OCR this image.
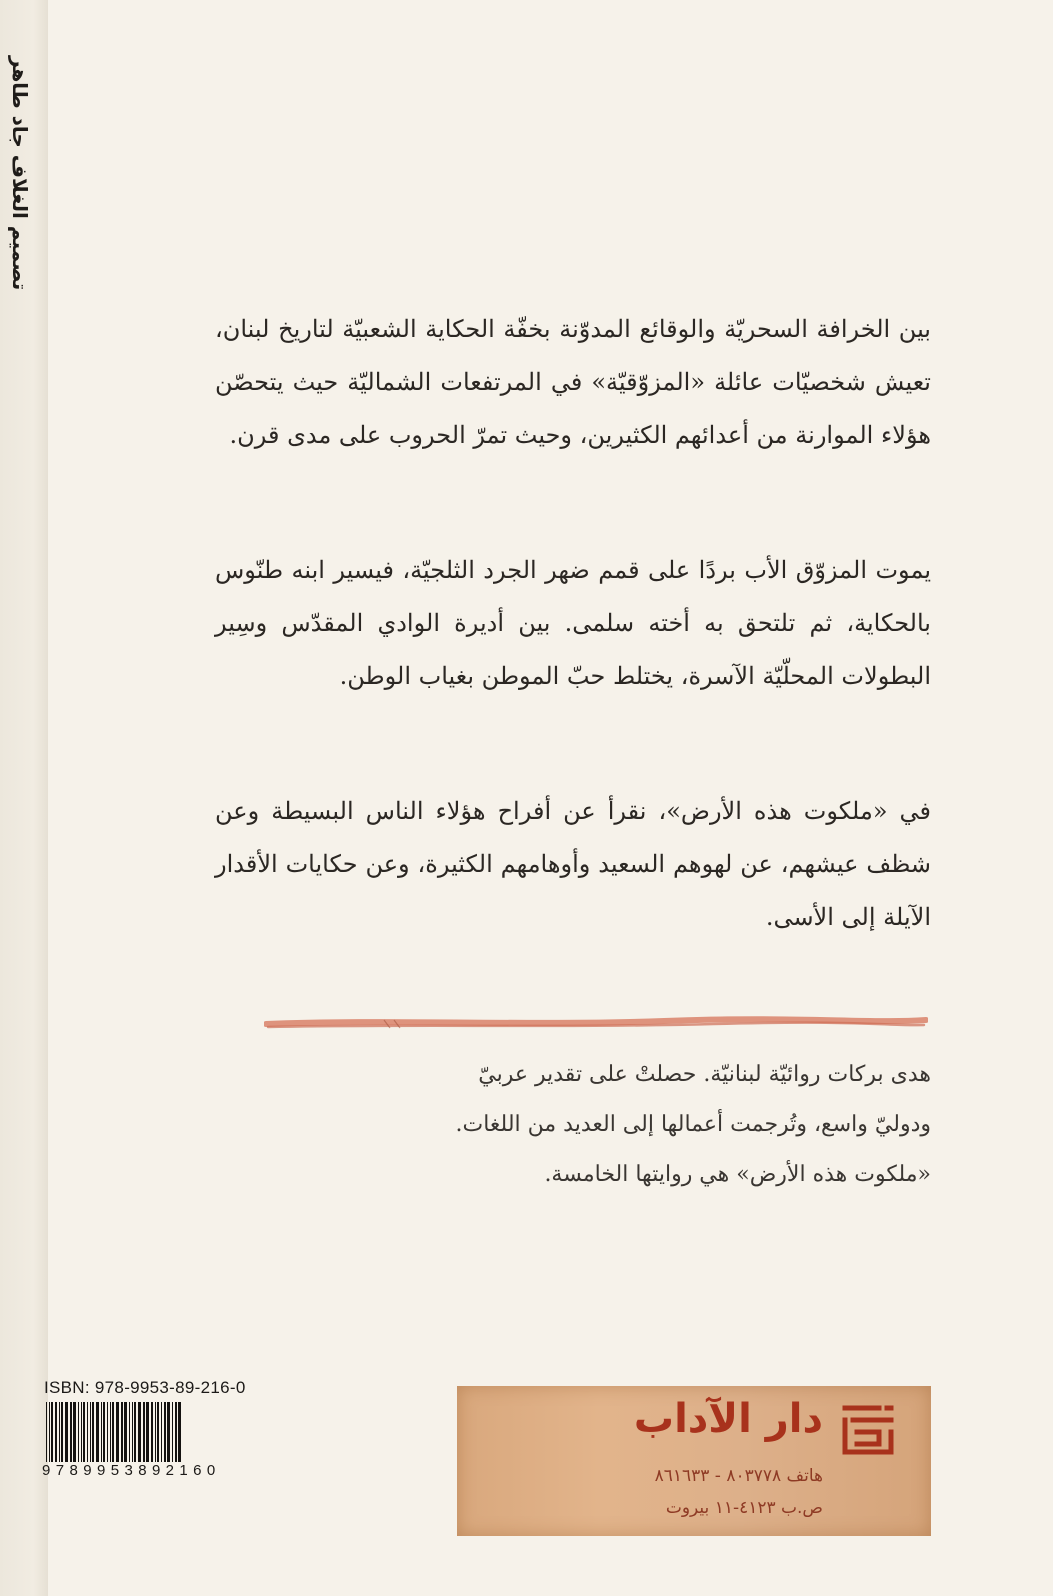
تصميم الغلاف جاد طاهر

بين الخرافة السحريّة والوقائع المدوّنة بخفّة الحكاية الشعبيّة لتاريخ لبنان، تعيش شخصيّات عائلة «المزوّقيّة» في المرتفعات الشماليّة حيث يتحصّن هؤلاء الموارنة من أعدائهم الكثيرين، وحيث تمرّ الحروب على مدى قرن.

يموت المزوّق الأب بردًا على قمم ضهر الجرد الثلجيّة، فيسير ابنه طنّوس بالحكاية، ثم تلتحق به أخته سلمى. بين أديرة الوادي المقدّس وسِير البطولات المحلّيّة الآسرة، يختلط حبّ الموطن بغياب الوطن.

في «ملكوت هذه الأرض»، نقرأ عن أفراح هؤلاء الناس البسيطة وعن شظف عيشهم، عن لهوهم السعيد وأوهامهم الكثيرة، وعن حكايات الأقدار الآيلة إلى الأسى.

هدى بركات روائيّة لبنانيّة. حصلتْ على تقدير عربيّ

ودوليّ واسع، وتُرجمت أعمالها إلى العديد من اللغات.

«ملكوت هذه الأرض» هي روايتها الخامسة.

ISBN: 978-9953-89-216-0
9789953892160
دار الآداب
هاتف ٨٠٣٧٧٨ - ٨٦١٦٣٣
ص.ب ٤١٢٣-١١ بيروت
